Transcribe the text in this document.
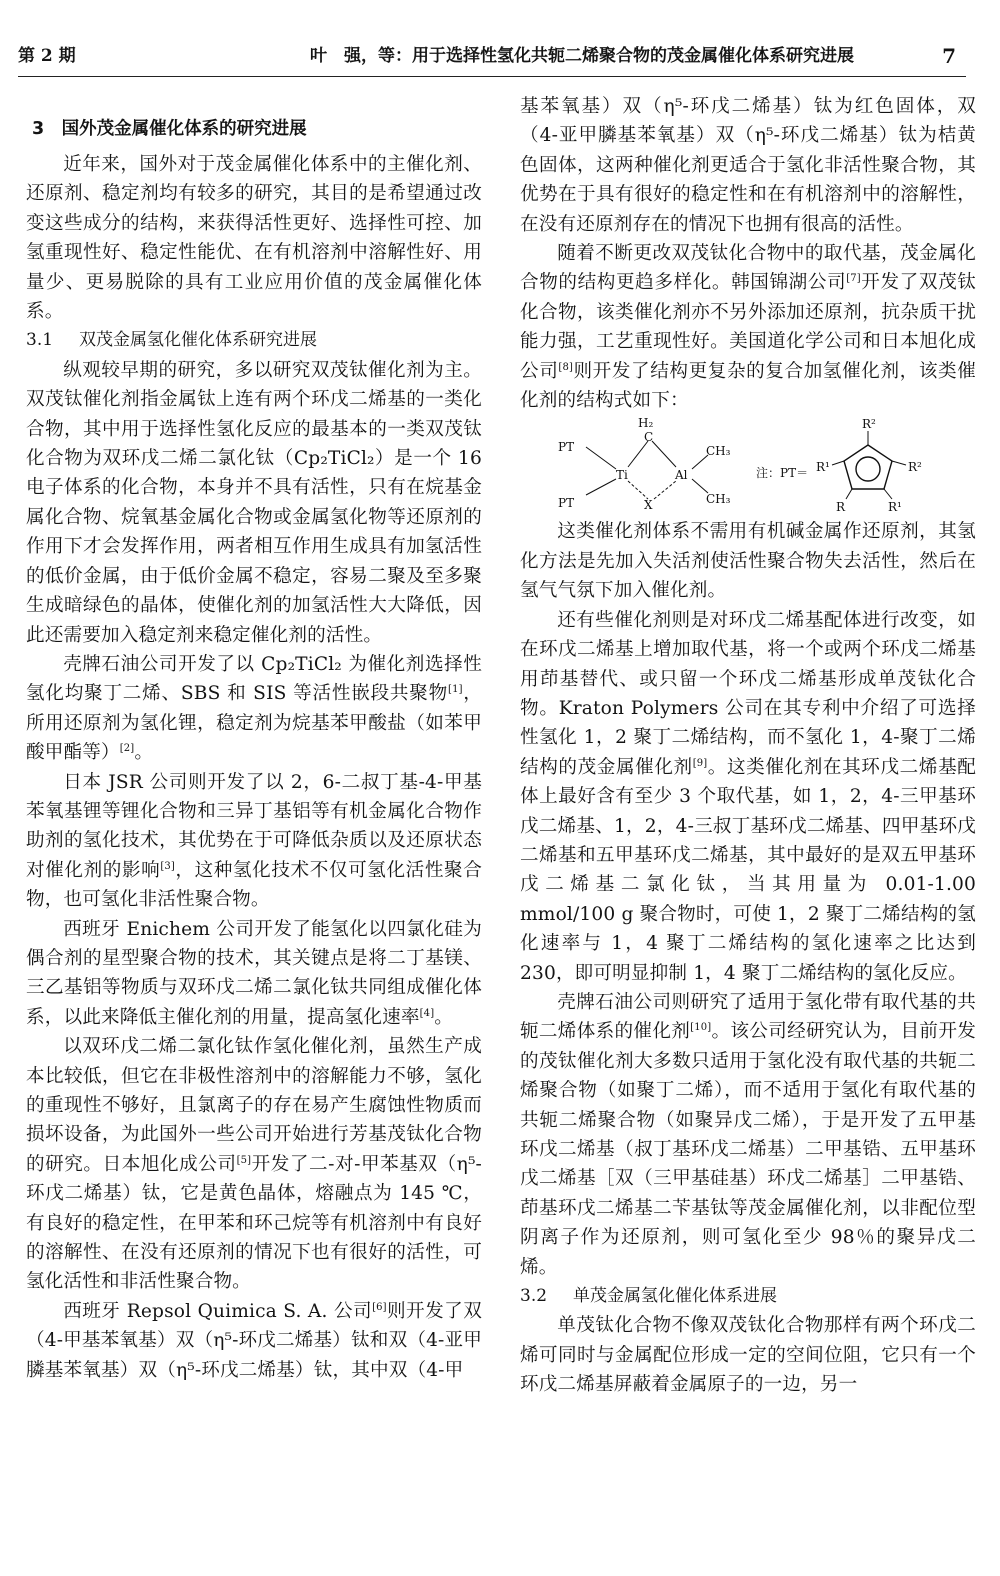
第 2 期	叶　强，等：用于选择性氢化共轭二烯聚合物的茂金属催化体系研究进展	7
3　国外茂金属催化体系的研究进展

近年来，国外对于茂金属催化体系中的主催化剂、还原剂、稳定剂均有较多的研究，其目的是希望通过改变这些成分的结构，来获得活性更好、选择性可控、加氢重现性好、稳定性能优、在有机溶剂中溶解性好、用量少、更易脱除的具有工业应用价值的茂金属催化体系。

3.1 双茂金属氢化催化体系研究进展

纵观较早期的研究，多以研究双茂钛催化剂为主。双茂钛催化剂指金属钛上连有两个环戊二烯基的一类化合物，其中用于选择性氢化反应的最基本的一类双茂钛化合物为双环戊二烯二氯化钛（Cp₂TiCl₂）是一个 16 电子体系的化合物，本身并不具有活性，只有在烷基金属化合物、烷氧基金属化合物或金属氢化物等还原剂的作用下才会发挥作用，两者相互作用生成具有加氢活性的低价金属，由于低价金属不稳定，容易二聚及至多聚生成暗绿色的晶体，使催化剂的加氢活性大大降低，因此还需要加入稳定剂来稳定催化剂的活性。

壳牌石油公司开发了以 Cp₂TiCl₂ 为催化剂选择性氢化均聚丁二烯、SBS 和 SIS 等活性嵌段共聚物[1]，所用还原剂为氢化锂，稳定剂为烷基苯甲酸盐（如苯甲酸甲酯等）[2]。

日本 JSR 公司则开发了以 2，6-二叔丁基-4-甲基苯氧基锂等锂化合物和三异丁基铝等有机金属化合物作助剂的氢化技术，其优势在于可降低杂质以及还原状态对催化剂的影响[3]，这种氢化技术不仅可氢化活性聚合物，也可氢化非活性聚合物。

西班牙 Enichem 公司开发了能氢化以四氯化硅为偶合剂的星型聚合物的技术，其关键点是将二丁基镁、三乙基铝等物质与双环戊二烯二氯化钛共同组成催化体系，以此来降低主催化剂的用量，提高氢化速率[4]。

以双环戊二烯二氯化钛作氢化催化剂，虽然生产成本比较低，但它在非极性溶剂中的溶解能力不够，氢化的重现性不够好，且氯离子的存在易产生腐蚀性物质而损坏设备，为此国外一些公司开始进行芳基茂钛化合物的研究。日本旭化成公司[5]开发了二-对-甲苯基双（η⁵-环戊二烯基）钛，它是黄色晶体，熔融点为 145 ℃，有良好的稳定性，在甲苯和环己烷等有机溶剂中有良好的溶解性、在没有还原剂的情况下也有很好的活性，可氢化活性和非活性聚合物。

西班牙 Repsol Quimica S. A. 公司[6]则开发了双（4-甲基苯氧基）双（η⁵-环戊二烯基）钛和双（4-亚甲膦基苯氧基）双（η⁵-环戊二烯基）钛，其中双（4-甲

基苯氧基）双（η⁵-环戊二烯基）钛为红色固体，双（4-亚甲膦基苯氧基）双（η⁵-环戊二烯基）钛为桔黄色固体，这两种催化剂更适合于氢化非活性聚合物，其优势在于具有很好的稳定性和在有机溶剂中的溶解性，在没有还原剂存在的情况下也拥有很高的活性。

随着不断更改双茂钛化合物中的取代基，茂金属化合物的结构更趋多样化。韩国锦湖公司[7]开发了双茂钛化合物，该类催化剂亦不另外添加还原剂，抗杂质干扰能力强，工艺重现性好。美国道化学公司和日本旭化成公司[8]则开发了结构更复杂的复合加氢催化剂，该类催化剂的结构式如下：

PT
PT
Ti	Al
H₂
C
X
CH₃
CH₃
注：PT＝
R²
R¹	R²
R	R¹

这类催化剂体系不需用有机碱金属作还原剂，其氢化方法是先加入失活剂使活性聚合物失去活性，然后在氢气气氛下加入催化剂。

还有些催化剂则是对环戊二烯基配体进行改变，如在环戊二烯基上增加取代基，将一个或两个环戊二烯基用茚基替代、或只留一个环戊二烯基形成单茂钛化合物。Kraton Polymers 公司在其专利中介绍了可选择性氢化 1，2 聚丁二烯结构，而不氢化 1，4-聚丁二烯结构的茂金属催化剂[9]。这类催化剂在其环戊二烯基配体上最好含有至少 3 个取代基，如 1，2，4-三甲基环戊二烯基、1，2，4-三叔丁基环戊二烯基、四甲基环戊二烯基和五甲基环戊二烯基，其中最好的是双五甲基环戊二烯基二氯化钛，当其用量为 0.01-1.00 mmol/100 g 聚合物时，可使 1，2 聚丁二烯结构的氢化速率与 1，4 聚丁二烯结构的氢化速率之比达到 230，即可明显抑制 1，4 聚丁二烯结构的氢化反应。

壳牌石油公司则研究了适用于氢化带有取代基的共轭二烯体系的催化剂[10]。该公司经研究认为，目前开发的茂钛催化剂大多数只适用于氢化没有取代基的共轭二烯聚合物（如聚丁二烯），而不适用于氢化有取代基的共轭二烯聚合物（如聚异戊二烯），于是开发了五甲基环戊二烯基（叔丁基环戊二烯基）二甲基锆、五甲基环戊二烯基［双（三甲基硅基）环戊二烯基］二甲基锆、茚基环戊二烯基二苄基钛等茂金属催化剂，以非配位型阴离子作为还原剂，则可氢化至少 98％的聚异戊二烯。

3.2 单茂金属氢化催化体系进展

单茂钛化合物不像双茂钛化合物那样有两个环戊二烯可同时与金属配位形成一定的空间位阻，它只有一个环戊二烯基屏蔽着金属原子的一边，另一
